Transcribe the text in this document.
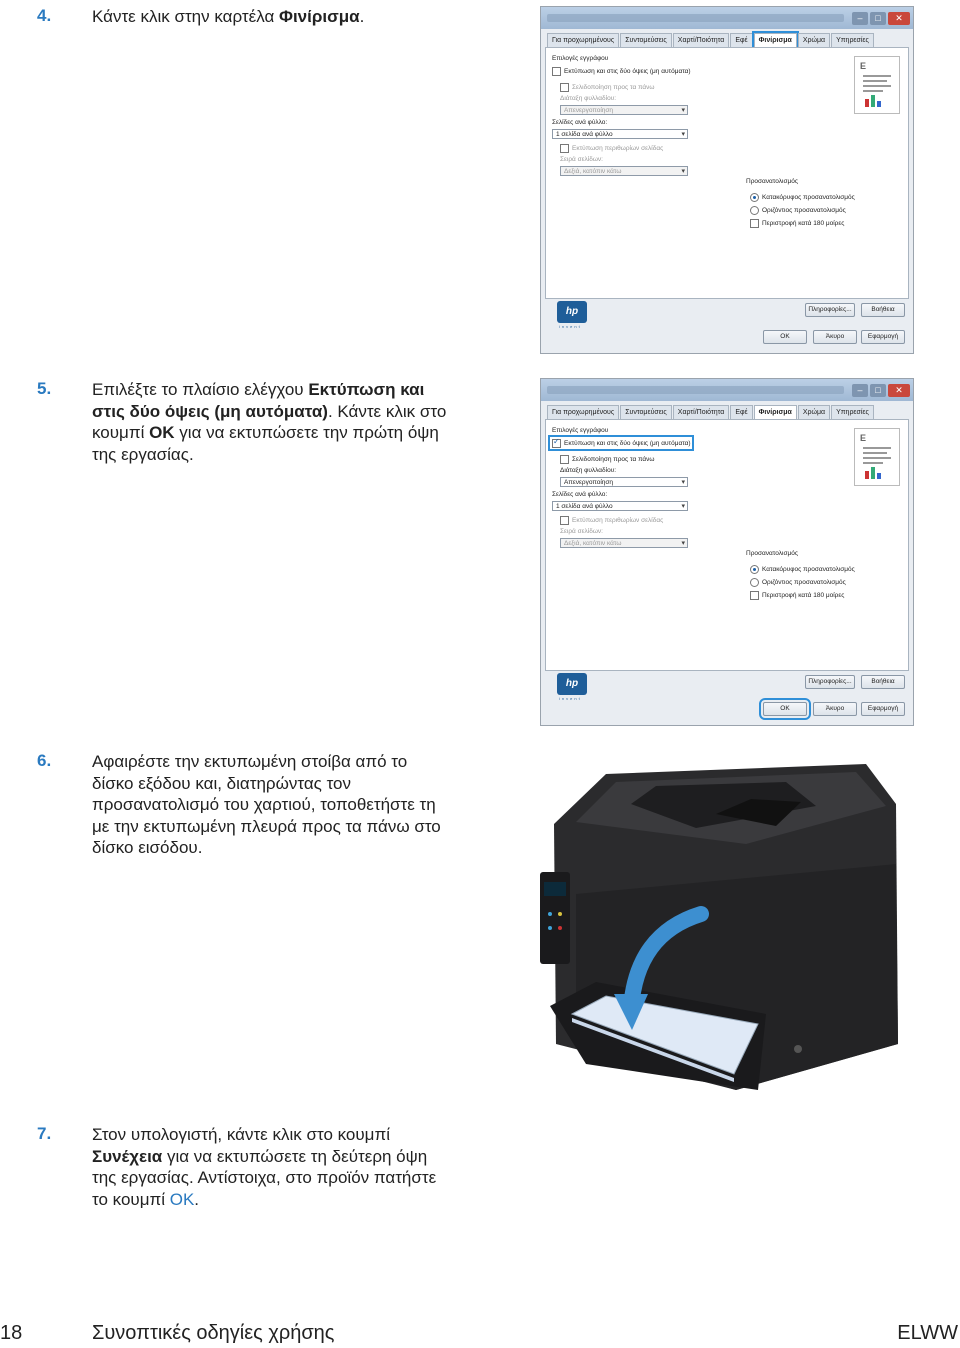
4. Κάντε κλικ στην καρτέλα Φινίρισμα.
5. Επιλέξτε το πλαίσιο ελέγχου Εκτύπωση και στις δύο όψεις (μη αυτόματα). Κάντε κλικ στο κουμπί OK για να εκτυπώσετε την πρώτη όψη της εργασίας.
6. Αφαιρέστε την εκτυπωμένη στοίβα από το δίσκο εξόδου και, διατηρώντας τον προσανατολισμό του χαρτιού, τοποθετήστε τη με την εκτυπωμένη πλευρά προς τα πάνω στο δίσκο εισόδου.
7. Στον υπολογιστή, κάντε κλικ στο κουμπί Συνέχεια για να εκτυπώσετε τη δεύτερη όψη της εργασίας. Αντίστοιχα, στο προϊόν πατήστε το κουμπί OK.
–	□	✕
Για προχωρημένους	Συντομεύσεις	Χαρτί/Ποιότητα	Εφέ	Φινίρισμα	Χρώμα	Υπηρεσίες
Επιλογές εγγράφου
Εκτύπωση και στις δύο όψεις (μη αυτόματα)
Σελιδοποίηση προς τα πάνω
Διάταξη φυλλαδίου:
Απενεργοποίηση ▾
Σελίδες ανά φύλλο:
1 σελίδα ανά φύλλο ▾
Εκτύπωση περιθωρίων σελίδας
Σειρά σελίδων:
Δεξιά, κατόπιν κάτω ▾
E
Προσανατολισμός
Κατακόρυφος προσανατολισμός
Οριζόντιος προσανατολισμός
Περιστροφή κατά 180 μοίρες
hp
invent
Πληροφορίες...	Βοήθεια
OK	Άκυρο	Εφαρμογή
–	□	✕
Για προχωρημένους	Συντομεύσεις	Χαρτί/Ποιότητα	Εφέ	Φινίρισμα	Χρώμα	Υπηρεσίες
Επιλογές εγγράφου
✓Εκτύπωση και στις δύο όψεις (μη αυτόματα)
Σελιδοποίηση προς τα πάνω
Διάταξη φυλλαδίου:
Απενεργοποίηση ▾
Σελίδες ανά φύλλο:
1 σελίδα ανά φύλλο ▾
Εκτύπωση περιθωρίων σελίδας
Σειρά σελίδων:
Δεξιά, κατόπιν κάτω ▾
E
Προσανατολισμός
Κατακόρυφος προσανατολισμός
Οριζόντιος προσανατολισμός
Περιστροφή κατά 180 μοίρες
hp
invent
Πληροφορίες...	Βοήθεια
OK	Άκυρο	Εφαρμογή
18	Συνοπτικές οδηγίες χρήσης	ELWW
